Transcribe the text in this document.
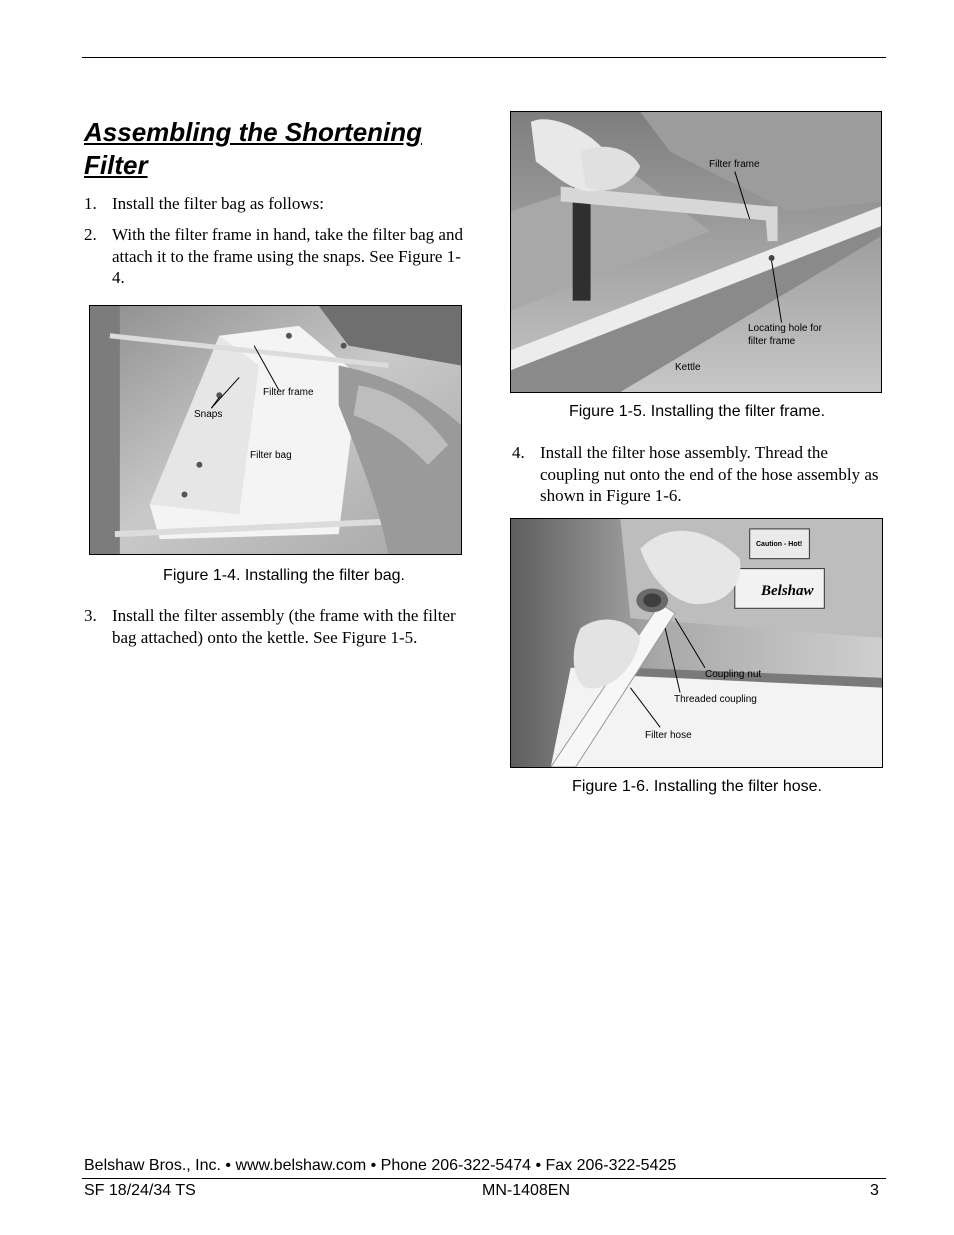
Assembling the Shortening Filter

1. Install the filter bag as follows:

2. With the filter frame in hand, take the filter bag and attach it to the frame using the snaps. See Figure 1-4.

Snaps
Filter frame
Filter bag

Figure 1-4. Installing the filter bag.

3. Install the filter assembly (the frame with the filter bag attached) onto the kettle. See Figure 1-5.

Filter frame
Locating hole for
filter frame
Kettle

Figure 1-5. Installing the filter frame.

4. Install the filter hose assembly. Thread the coupling nut onto the end of the hose assembly as shown in Figure 1-6.

Belshaw
Caution - Hot!
Coupling nut
Threaded coupling
Filter hose

Figure 1-6. Installing the filter hose.

Belshaw Bros., Inc. • www.belshaw.com • Phone 206-322-5474 • Fax 206-322-5425
SF 18/24/34 TS	MN-1408EN	3
